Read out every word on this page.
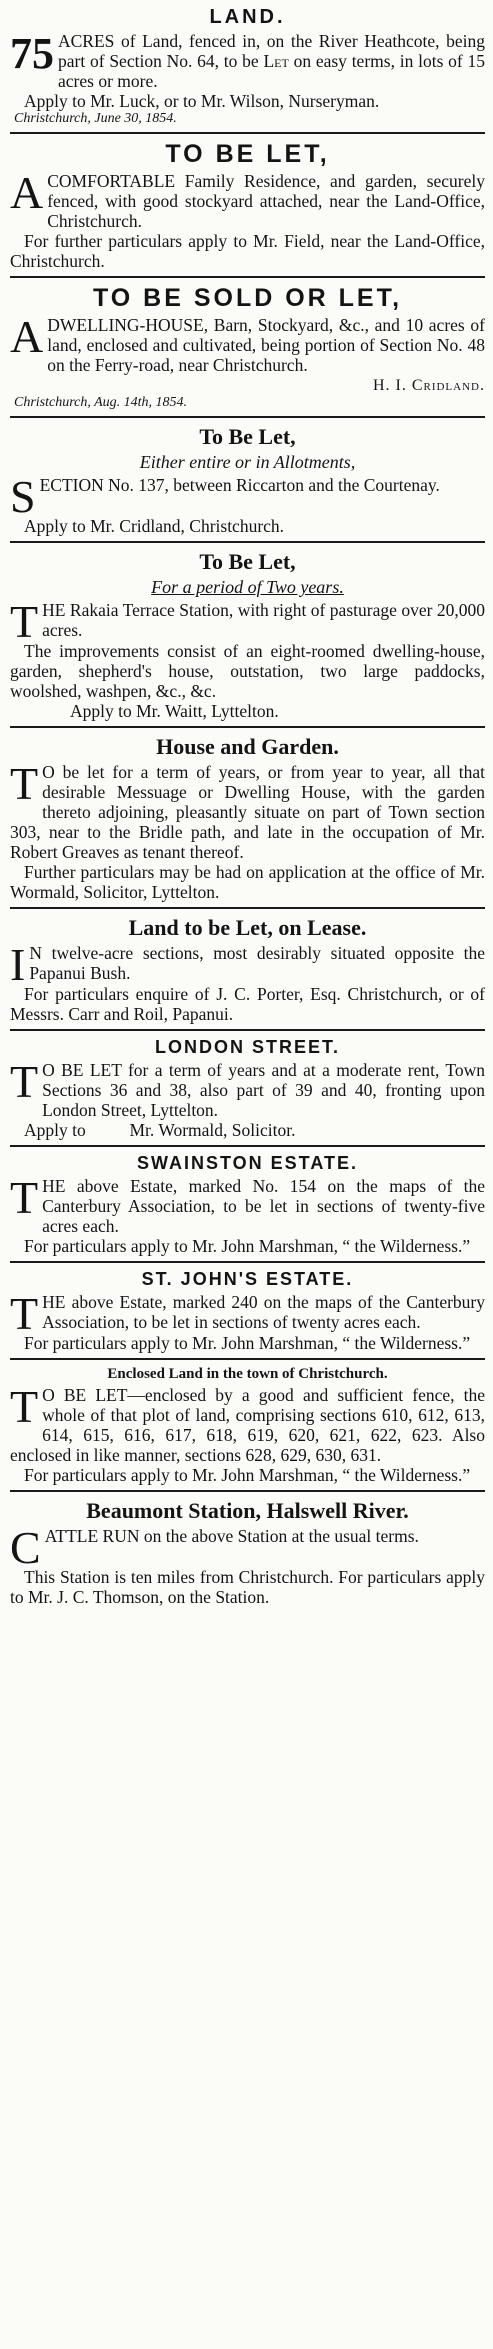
LAND.

75 ACRES of Land, fenced in, on the River Heathcote, being part of Section No. 64, to be Let on easy terms, in lots of 15 acres or more.

Apply to Mr. Luck, or to Mr. Wilson, Nurseryman.

Christchurch, June 30, 1854.
TO BE LET,

A COMFORTABLE Family Residence, and garden, securely fenced, with good stockyard attached, near the Land-Office, Christchurch.

For further particulars apply to Mr. Field, near the Land-Office, Christchurch.

TO BE SOLD OR LET,

A DWELLING-HOUSE, Barn, Stockyard, &c., and 10 acres of land, enclosed and cultivated, being portion of Section No. 48 on the Ferry-road, near Christchurch.

H. I. Cridland.
Christchurch, Aug. 14th, 1854.
To Be Let,
Either entire or in Allotments,

SECTION No. 137, between Riccarton and the Courtenay.

Apply to Mr. Cridland, Christchurch.

To Be Let,
For a period of Two years.

THE Rakaia Terrace Station, with right of pasturage over 20,000 acres.

The improvements consist of an eight-roomed dwelling-house, garden, shepherd's house, outstation, two large paddocks, woolshed, washpen, &c., &c.

Apply to Mr. Waitt, Lyttelton.

House and Garden.

T O be let for a term of years, or from year to year, all that desirable Messuage or Dwelling House, with the garden thereto adjoining, pleasantly situate on part of Town section 303, near to the Bridle path, and late in the occupation of Mr. Robert Greaves as tenant thereof.

Further particulars may be had on application at the office of Mr. Wormald, Solicitor, Lyttelton.

Land to be Let, on Lease.

I N twelve-acre sections, most desirably situated opposite the Papanui Bush.

For particulars enquire of J. C. Porter, Esq. Christchurch, or of Messrs. Carr and Roil, Papanui.

LONDON STREET.

T O BE LET for a term of years and at a moderate rent, Town Sections 36 and 38, also part of 39 and 40, fronting upon London Street, Lyttelton.

Apply to          Mr. Wormald, Solicitor.

SWAINSTON ESTATE.

THE above Estate, marked No. 154 on the maps of the Canterbury Association, to be let in sections of twenty-five acres each.

For particulars apply to Mr. John Marshman, “ the Wilderness.”

ST. JOHN'S ESTATE.

THE above Estate, marked 240 on the maps of the Canterbury Association, to be let in sections of twenty acres each.

For particulars apply to Mr. John Marshman, “ the Wilderness.”

Enclosed Land in the town of Christchurch.

T O BE LET—enclosed by a good and sufficient fence, the whole of that plot of land, comprising sections 610, 612, 613, 614, 615, 616, 617, 618, 619, 620, 621, 622, 623. Also enclosed in like manner, sections 628, 629, 630, 631.

For particulars apply to Mr. John Marshman, “ the Wilderness.”

Beaumont Station, Halswell River.

CATTLE RUN on the above Station at the usual terms.

This Station is ten miles from Christchurch. For particulars apply to Mr. J. C. Thomson, on the Station.
